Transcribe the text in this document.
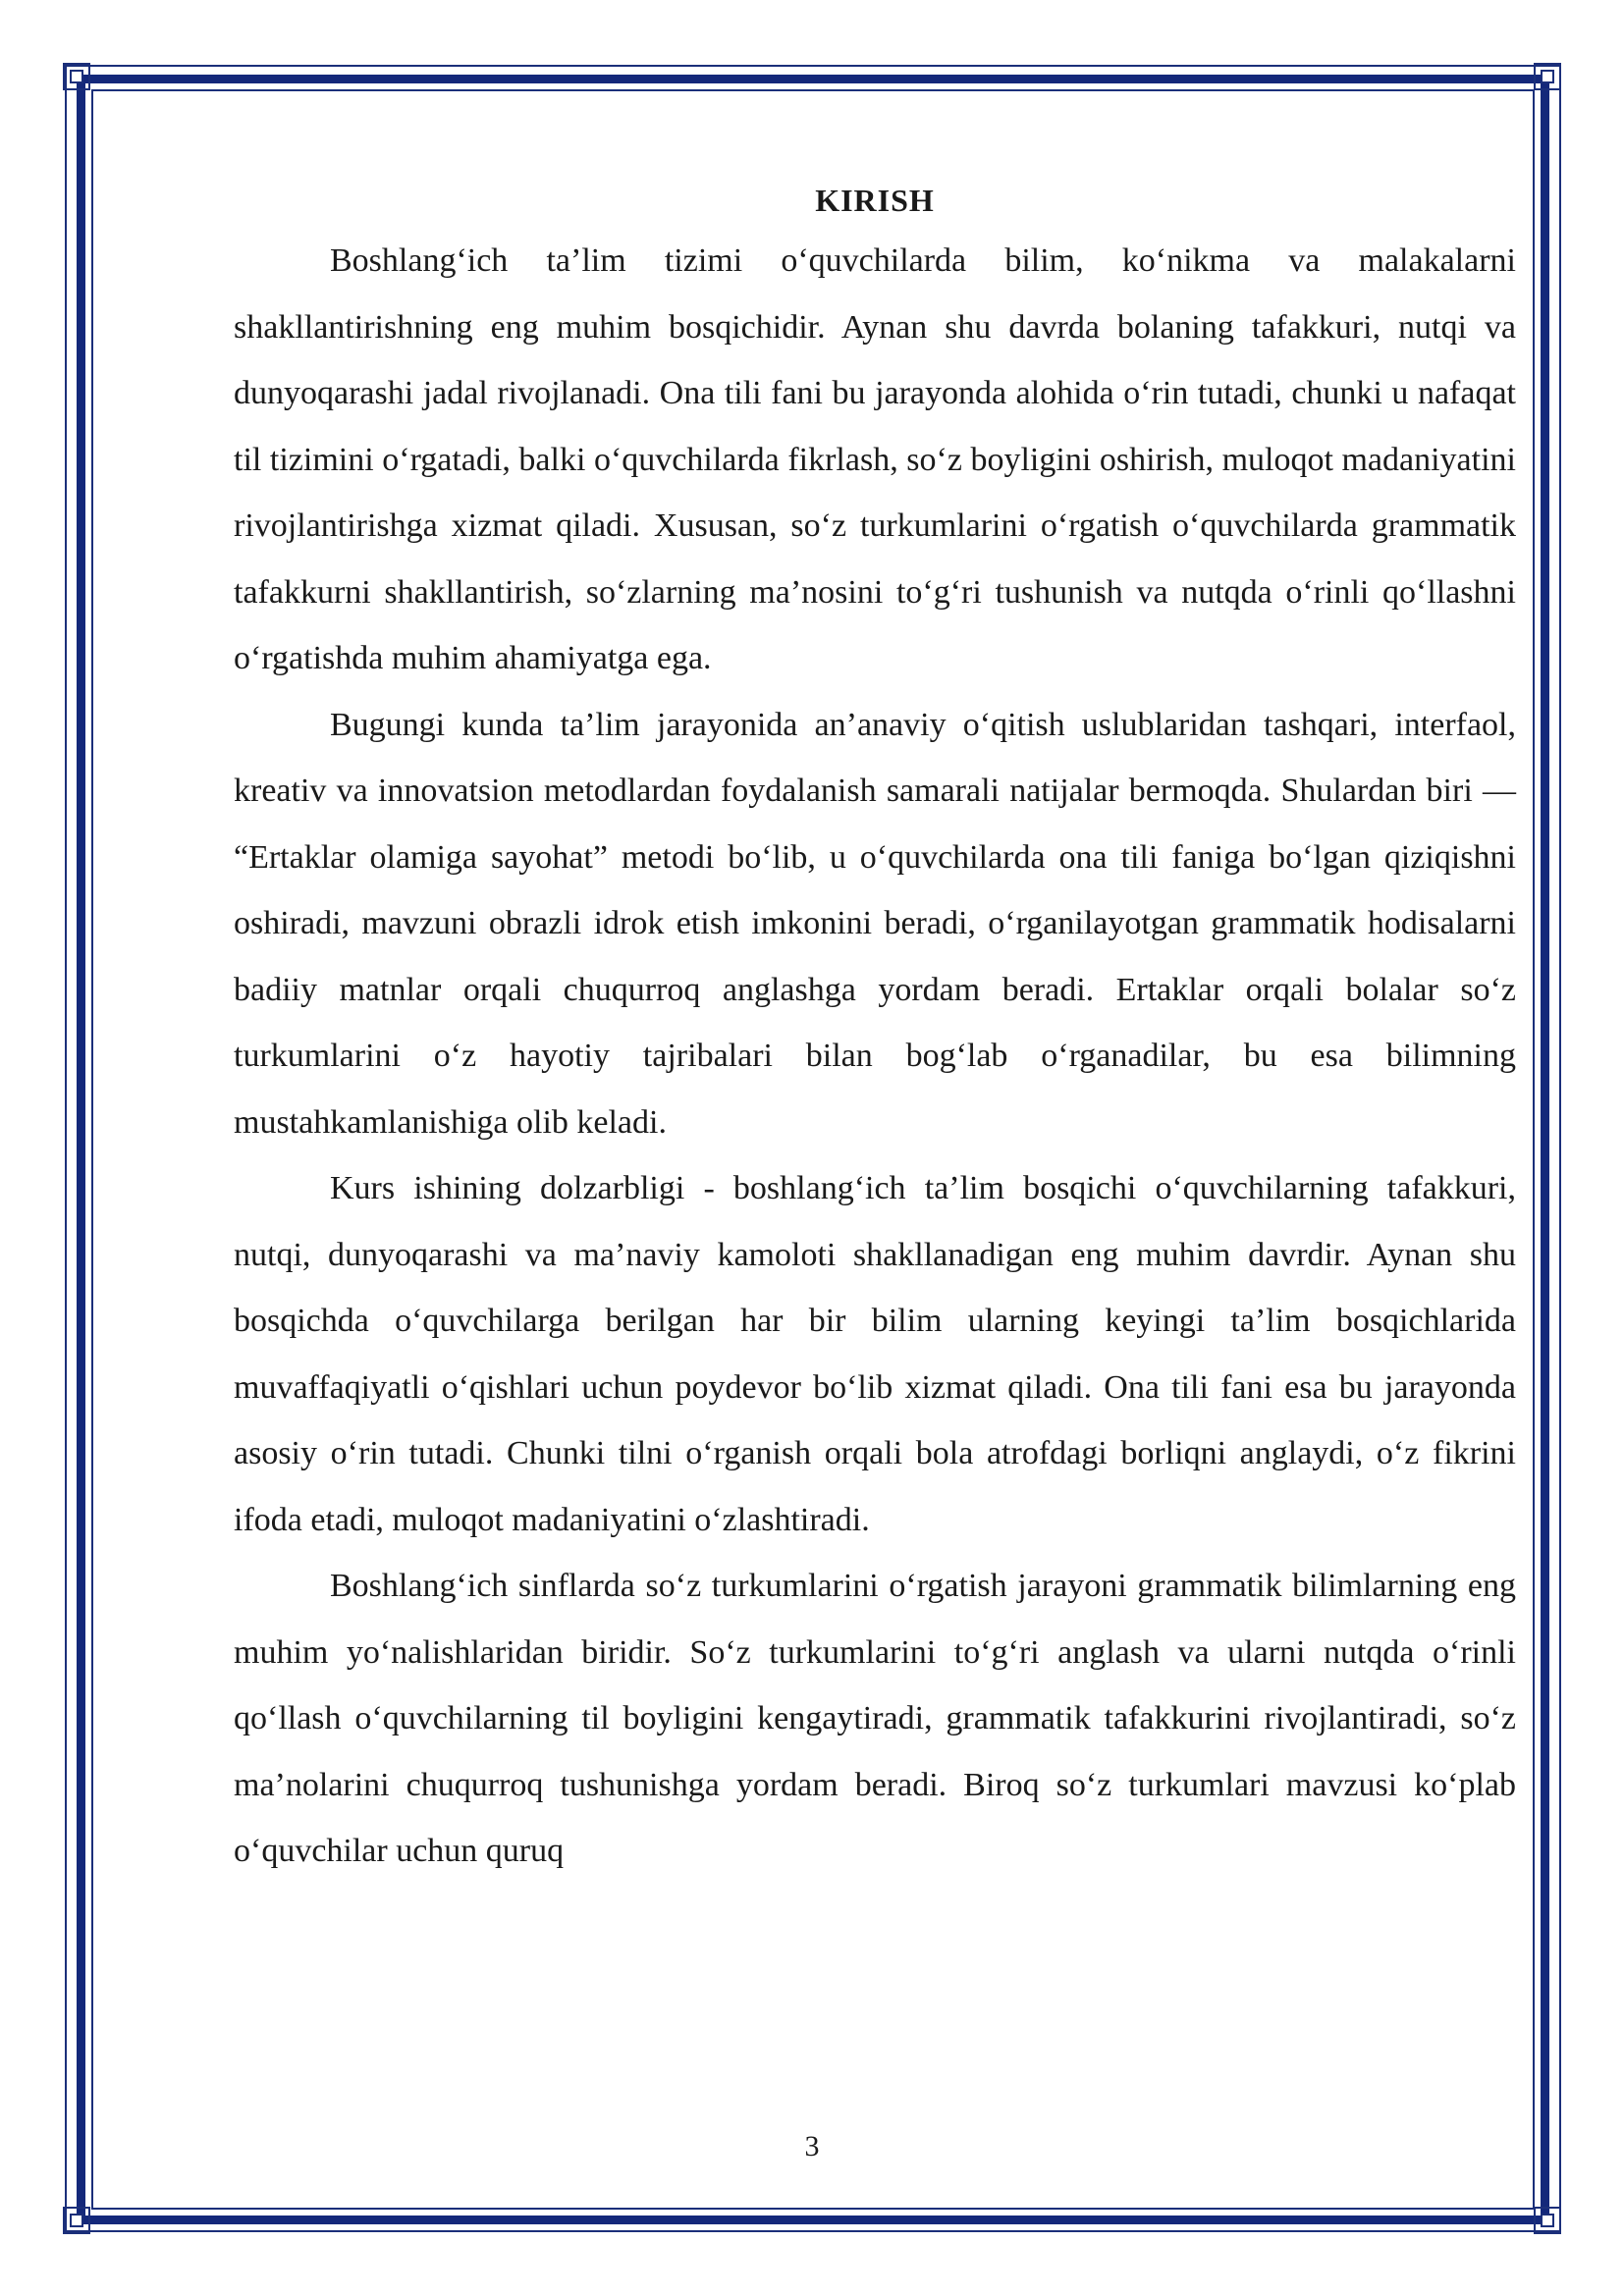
KIRISH

Boshlang‘ich ta’lim tizimi o‘quvchilarda bilim, ko‘nikma va malakalarni shakllantirishning eng muhim bosqichidir. Aynan shu davrda bolaning tafakkuri, nutqi va dunyoqarashi jadal rivojlanadi. Ona tili fani bu jarayonda alohida o‘rin tutadi, chunki u nafaqat til tizimini o‘rgatadi, balki o‘quvchilarda fikrlash, so‘z boyligini oshirish, muloqot madaniyatini rivojlantirishga xizmat qiladi. Xususan, so‘z turkumlarini o‘rgatish o‘quvchilarda grammatik tafakkurni shakllantirish, so‘zlarning ma’nosini to‘g‘ri tushunish va nutqda o‘rinli qo‘llashni o‘rgatishda muhim ahamiyatga ega.

Bugungi kunda ta’lim jarayonida an’anaviy o‘qitish uslublaridan tashqari, interfaol, kreativ va innovatsion metodlardan foydalanish samarali natijalar bermoqda. Shulardan biri — “Ertaklar olamiga sayohat” metodi bo‘lib, u o‘quvchilarda ona tili faniga bo‘lgan qiziqishni oshiradi, mavzuni obrazli idrok etish imkonini beradi, o‘rganilayotgan grammatik hodisalarni badiiy matnlar orqali chuqurroq anglashga yordam beradi. Ertaklar orqali bolalar so‘z turkumlarini o‘z hayotiy tajribalari bilan bog‘lab o‘rganadilar, bu esa bilimning mustahkamlanishiga olib keladi.

Kurs ishining dolzarbligi - boshlang‘ich ta’lim bosqichi o‘quvchilarning tafakkuri, nutqi, dunyoqarashi va ma’naviy kamoloti shakllanadigan eng muhim davrdir. Aynan shu bosqichda o‘quvchilarga berilgan har bir bilim ularning keyingi ta’lim bosqichlarida muvaffaqiyatli o‘qishlari uchun poydevor bo‘lib xizmat qiladi. Ona tili fani esa bu jarayonda asosiy o‘rin tutadi. Chunki tilni o‘rganish orqali bola atrofdagi borliqni anglaydi, o‘z fikrini ifoda etadi, muloqot madaniyatini o‘zlashtiradi.

Boshlang‘ich sinflarda so‘z turkumlarini o‘rgatish jarayoni grammatik bilimlarning eng muhim yo‘nalishlaridan biridir. So‘z turkumlarini to‘g‘ri anglash va ularni nutqda o‘rinli qo‘llash o‘quvchilarning til boyligini kengaytiradi, grammatik tafakkurini rivojlantiradi, so‘z ma’nolarini chuqurroq tushunishga yordam beradi. Biroq so‘z turkumlari mavzusi ko‘plab o‘quvchilar uchun quruq

3
